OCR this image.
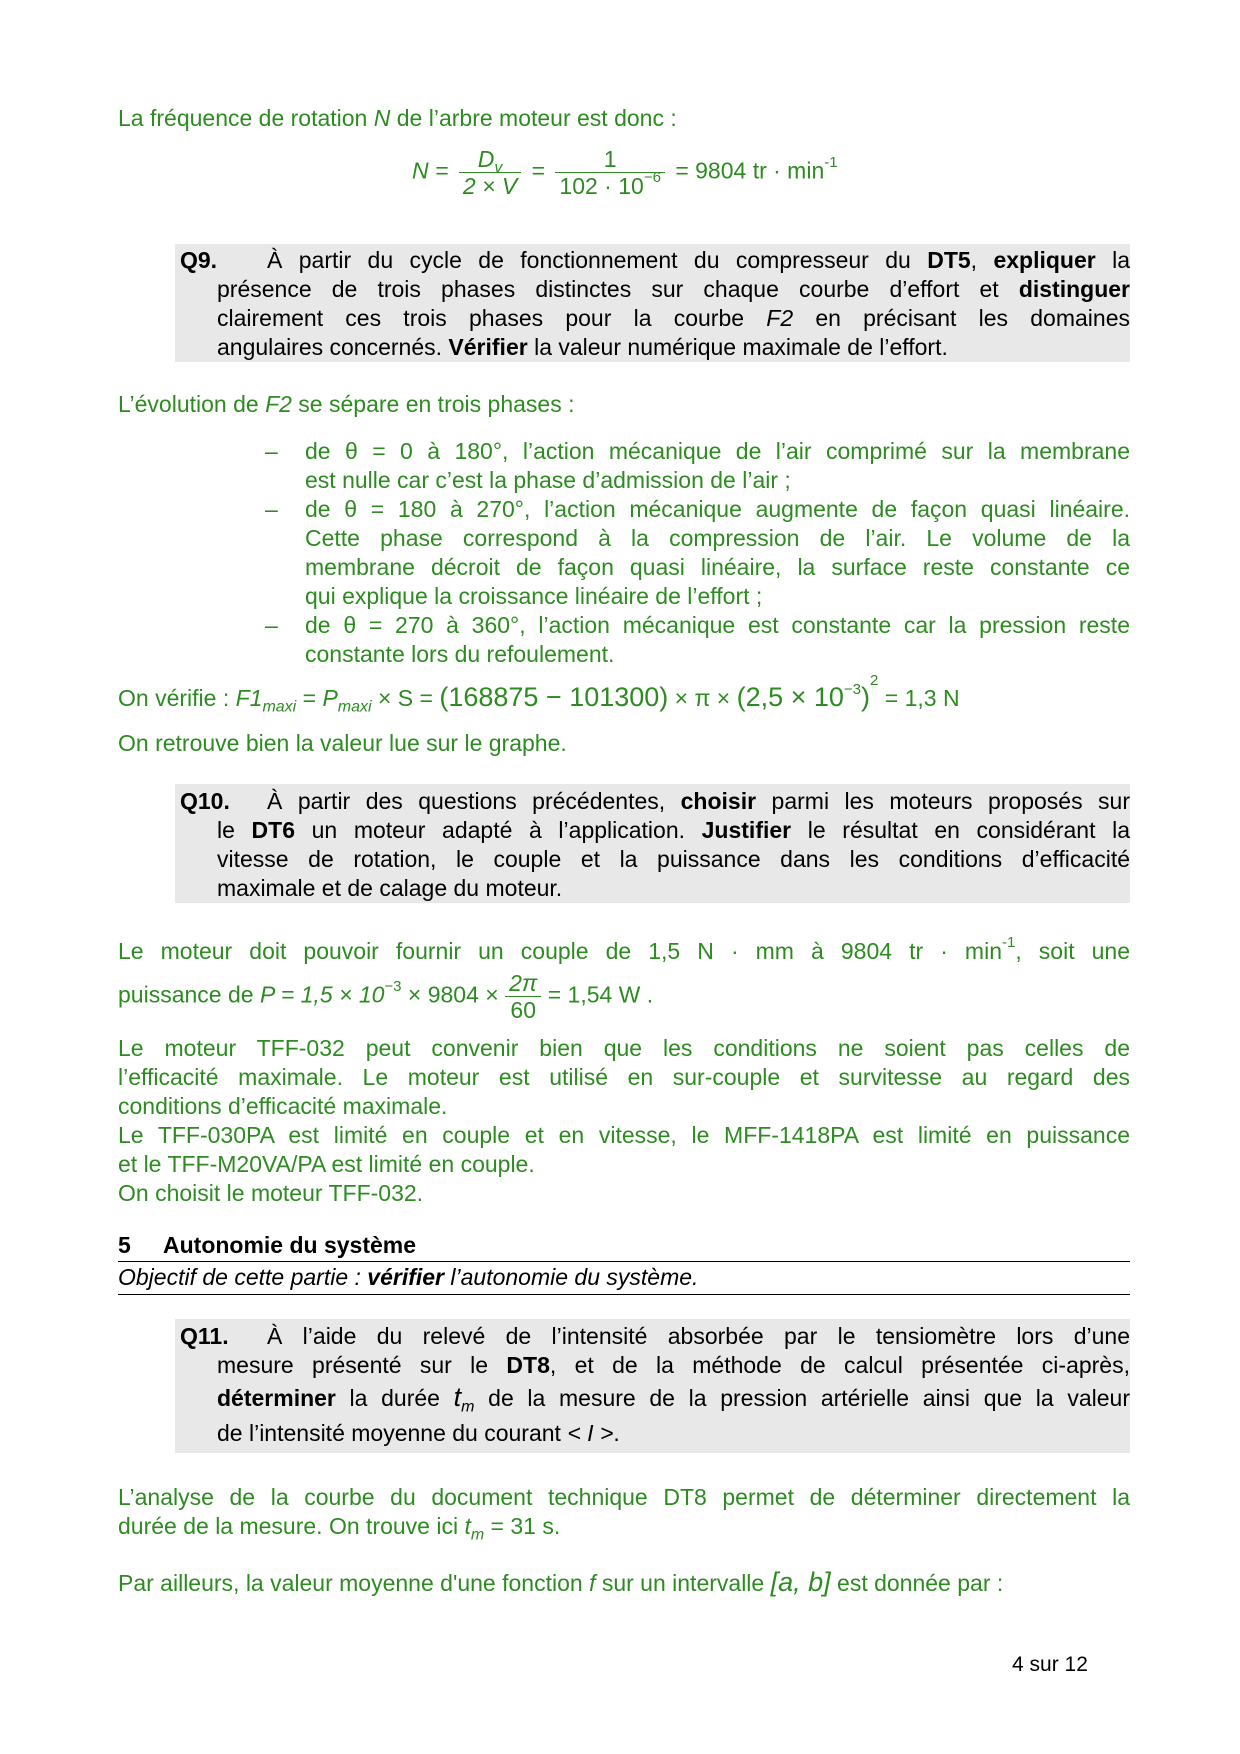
La fréquence de rotation N de l’arbre moteur est donc :
$N = \frac{D_v}{2 \times V} = \frac{1}{102 \cdot 10^{-6}} = 9804$ tr · $\min^{-1}$
Q9. À partir du cycle de fonctionnement du compresseur du DT5, expliquer la
présence de trois phases distinctes sur chaque courbe d’effort et distinguer
clairement ces trois phases pour la courbe F2 en précisant les domaines
angulaires concernés. Vérifier la valeur numérique maximale de l’effort.
L’évolution de F2 se sépare en trois phases :
– de θ = 0 à 180°, l’action mécanique de l’air comprimé sur la membrane
est nulle car c’est la phase d’admission de l’air ;
– de θ = 180 à 270°, l’action mécanique augmente de façon quasi linéaire.
Cette phase correspond à la compression de l’air. Le volume de la
membrane décroit de façon quasi linéaire, la surface reste constante ce
qui explique la croissance linéaire de l’effort ;
– de θ = 270 à 360°, l’action mécanique est constante car la pression reste
constante lors du refoulement.
On vérifie : $F1_{maxi} = P_{maxi} \times S = (168875 - 101300) \times \pi \times (2,5 \times 10^{-3})^2 = 1,3$ N
On retrouve bien la valeur lue sur le graphe.
Q10. À partir des questions précédentes, choisir parmi les moteurs proposés sur
le DT6 un moteur adapté à l’application. Justifier le résultat en considérant la
vitesse de rotation, le couple et la puissance dans les conditions d’efficacité
maximale et de calage du moteur.
Le moteur doit pouvoir fournir un couple de 1,5 N · mm à 9804 tr · $\min^{-1}$, soit une
puissance de $P = 1,5 \times 10^{-3} \times 9804 \times \frac{2\pi}{60} = 1,54$ W .
Le moteur TFF-032 peut convenir bien que les conditions ne soient pas celles de
l’efficacité maximale. Le moteur est utilisé en sur-couple et survitesse au regard des
conditions d’efficacité maximale.
Le TFF-030PA est limité en couple et en vitesse, le MFF-1418PA est limité en puissance
et le TFF-M20VA/PA est limité en couple.
On choisit le moteur TFF-032.
5 Autonomie du système
Objectif de cette partie : vérifier l’autonomie du système.
Q11. À l’aide du relevé de l’intensité absorbée par le tensiomètre lors d’une
mesure présenté sur le DT8, et de la méthode de calcul présentée ci-après,
déterminer la durée $t_m$ de la mesure de la pression artérielle ainsi que la valeur
de l’intensité moyenne du courant < I >.
L’analyse de la courbe du document technique DT8 permet de déterminer directement la
durée de la mesure. On trouve ici $t_m = 31$ s.
Par ailleurs, la valeur moyenne d'une fonction f sur un intervalle [a, b] est donnée par :
4 sur 12
